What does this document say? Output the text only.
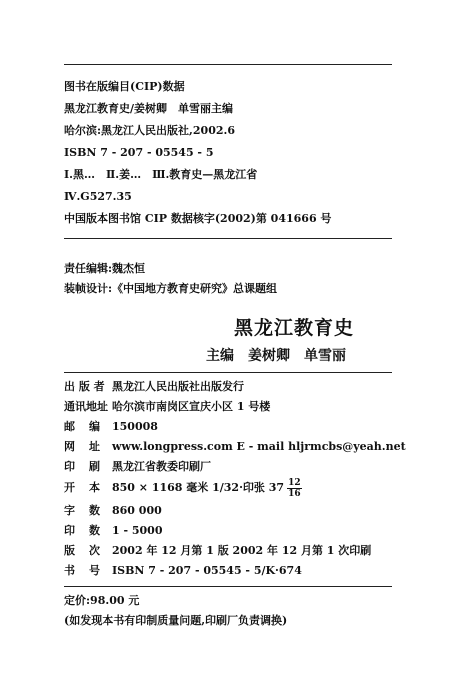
图书在版编目(CIP)数据
黑龙江教育史/姜树卿　单雪丽主编
哈尔滨:黑龙江人民出版社,2002.6
ISBN 7 - 207 - 05545 - 5
Ⅰ.黑…　Ⅱ.姜…　Ⅲ.教育史—黑龙江省
Ⅳ.G527.35
中国版本图书馆 CIP 数据核字(2002)第 041666 号
责任编辑:魏杰恒
装帧设计:《中国地方教育史研究》总课题组
黑龙江教育史
主编　姜树卿　单雪丽
出 版 者 黑龙江人民出版社出版发行
通讯地址 哈尔滨市南岗区宣庆小区 1 号楼
邮　编 150008
网　址 www.longpress.com E - mail hljrmcbs@yeah.net
印　刷 黑龙江省教委印刷厂
开　本 850 × 1168 毫米 1/32·印张 $37 \frac{12}{16}$
字　数 860 000
印　数 1 - 5000
版　次 2002 年 12 月第 1 版 2002 年 12 月第 1 次印刷
书　号 ISBN 7 - 207 - 05545 - 5/K·674
定价:98.00 元
(如发现本书有印制质量问题,印刷厂负责调换)
